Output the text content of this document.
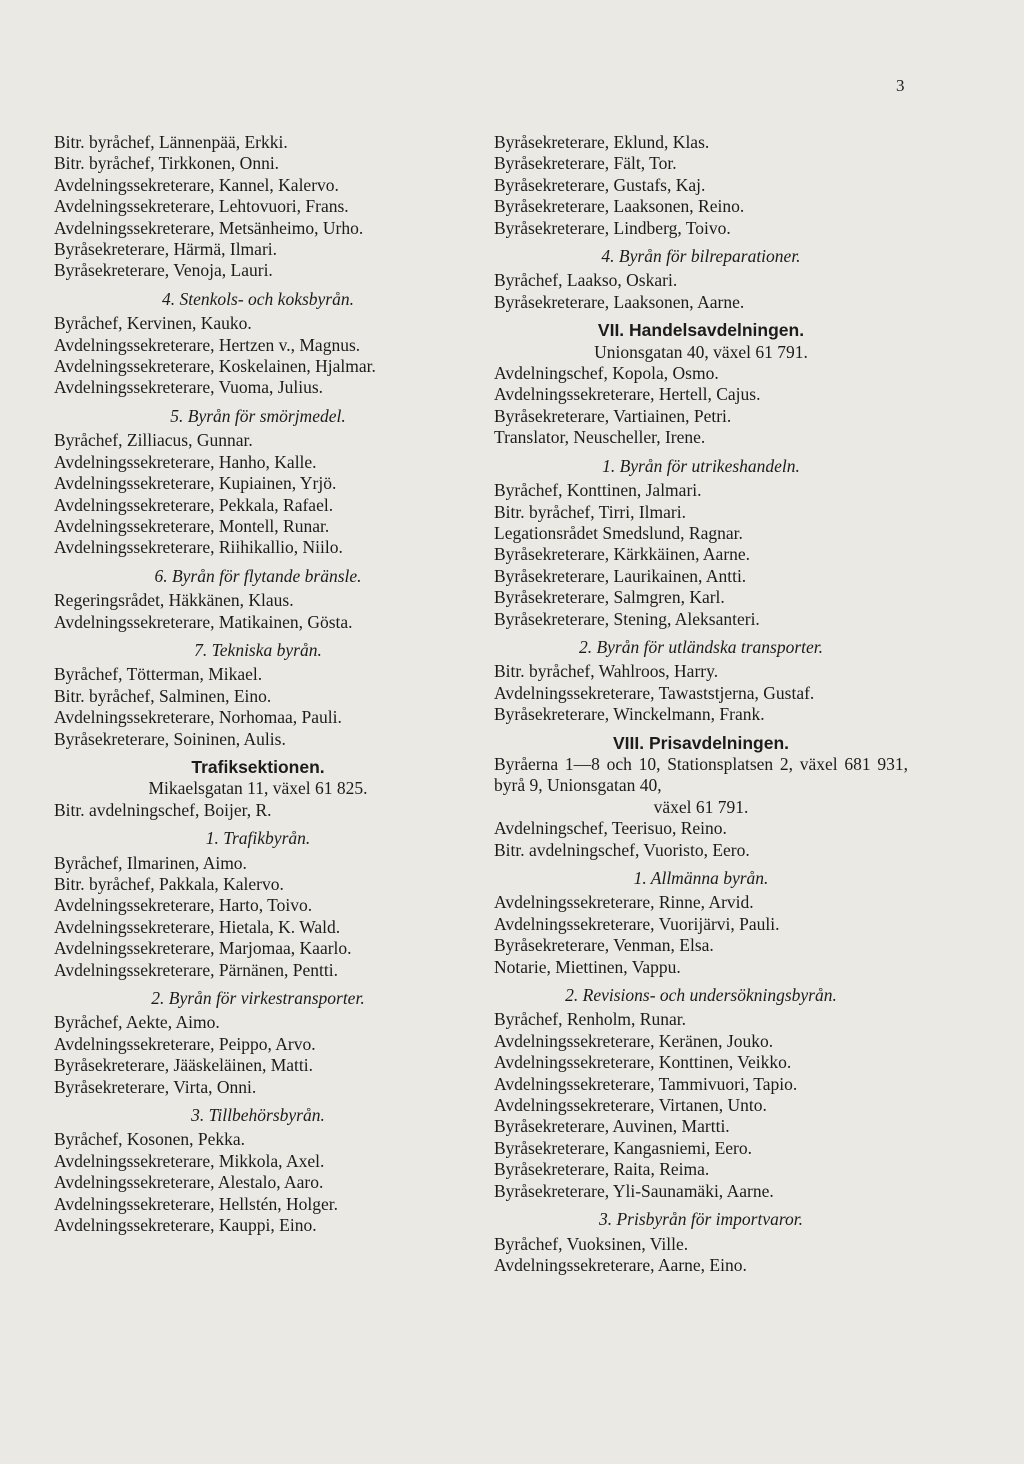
3
Bitr. byråchef, Lännenpää, Erkki.
Bitr. byråchef, Tirkkonen, Onni.
Avdelningssekreterare, Kannel, Kalervo.
Avdelningssekreterare, Lehtovuori, Frans.
Avdelningssekreterare, Metsänheimo, Urho.
Byråsekreterare, Härmä, Ilmari.
Byråsekreterare, Venoja, Lauri.
4. Stenkols- och koksbyrån.
Byråchef, Kervinen, Kauko.
Avdelningssekreterare, Hertzen v., Magnus.
Avdelningssekreterare, Koskelainen, Hjalmar.
Avdelningssekreterare, Vuoma, Julius.
5. Byrån för smörjmedel.
Byråchef, Zilliacus, Gunnar.
Avdelningssekreterare, Hanho, Kalle.
Avdelningssekreterare, Kupiainen, Yrjö.
Avdelningssekreterare, Pekkala, Rafael.
Avdelningssekreterare, Montell, Runar.
Avdelningssekreterare, Riihikallio, Niilo.
6. Byrån för flytande bränsle.
Regeringsrådet, Häkkänen, Klaus.
Avdelningssekreterare, Matikainen, Gösta.
7. Tekniska byrån.
Byråchef, Tötterman, Mikael.
Bitr. byråchef, Salminen, Eino.
Avdelningssekreterare, Norhomaa, Pauli.
Byråsekreterare, Soininen, Aulis.
Trafiksektionen.
Mikaelsgatan 11, växel 61 825.
Bitr. avdelningschef, Boijer, R.
1. Trafikbyrån.
Byråchef, Ilmarinen, Aimo.
Bitr. byråchef, Pakkala, Kalervo.
Avdelningssekreterare, Harto, Toivo.
Avdelningssekreterare, Hietala, K. Wald.
Avdelningssekreterare, Marjomaa, Kaarlo.
Avdelningssekreterare, Pärnänen, Pentti.
2. Byrån för virkestransporter.
Byråchef, Aekte, Aimo.
Avdelningssekreterare, Peippo, Arvo.
Byråsekreterare, Jääskeläinen, Matti.
Byråsekreterare, Virta, Onni.
3. Tillbehörsbyrån.
Byråchef, Kosonen, Pekka.
Avdelningssekreterare, Mikkola, Axel.
Avdelningssekreterare, Alestalo, Aaro.
Avdelningssekreterare, Hellstén, Holger.
Avdelningssekreterare, Kauppi, Eino.
Byråsekreterare, Eklund, Klas.
Byråsekreterare, Fält, Tor.
Byråsekreterare, Gustafs, Kaj.
Byråsekreterare, Laaksonen, Reino.
Byråsekreterare, Lindberg, Toivo.
4. Byrån för bilreparationer.
Byråchef, Laakso, Oskari.
Byråsekreterare, Laaksonen, Aarne.
VII. Handelsavdelningen.
Unionsgatan 40, växel 61 791.
Avdelningschef, Kopola, Osmo.
Avdelningssekreterare, Hertell, Cajus.
Byråsekreterare, Vartiainen, Petri.
Translator, Neuscheller, Irene.
1. Byrån för utrikeshandeln.
Byråchef, Konttinen, Jalmari.
Bitr. byråchef, Tirri, Ilmari.
Legationsrådet Smedslund, Ragnar.
Byråsekreterare, Kärkkäinen, Aarne.
Byråsekreterare, Laurikainen, Antti.
Byråsekreterare, Salmgren, Karl.
Byråsekreterare, Stening, Aleksanteri.
2. Byrån för utländska transporter.
Bitr. byråchef, Wahlroos, Harry.
Avdelningssekreterare, Tawaststjerna, Gustaf.
Byråsekreterare, Winckelmann, Frank.
VIII. Prisavdelningen.
Byråerna 1—8 och 10, Stationsplatsen 2, växel 681 931, byrå 9, Unionsgatan 40,
växel 61 791.
Avdelningschef, Teerisuo, Reino.
Bitr. avdelningschef, Vuoristo, Eero.
1. Allmänna byrån.
Avdelningssekreterare, Rinne, Arvid.
Avdelningssekreterare, Vuorijärvi, Pauli.
Byråsekreterare, Venman, Elsa.
Notarie, Miettinen, Vappu.
2. Revisions- och undersökningsbyrån.
Byråchef, Renholm, Runar.
Avdelningssekreterare, Keränen, Jouko.
Avdelningssekreterare, Konttinen, Veikko.
Avdelningssekreterare, Tammivuori, Tapio.
Avdelningssekreterare, Virtanen, Unto.
Byråsekreterare, Auvinen, Martti.
Byråsekreterare, Kangasniemi, Eero.
Byråsekreterare, Raita, Reima.
Byråsekreterare, Yli-Saunamäki, Aarne.
3. Prisbyrån för importvaror.
Byråchef, Vuoksinen, Ville.
Avdelningssekreterare, Aarne, Eino.
